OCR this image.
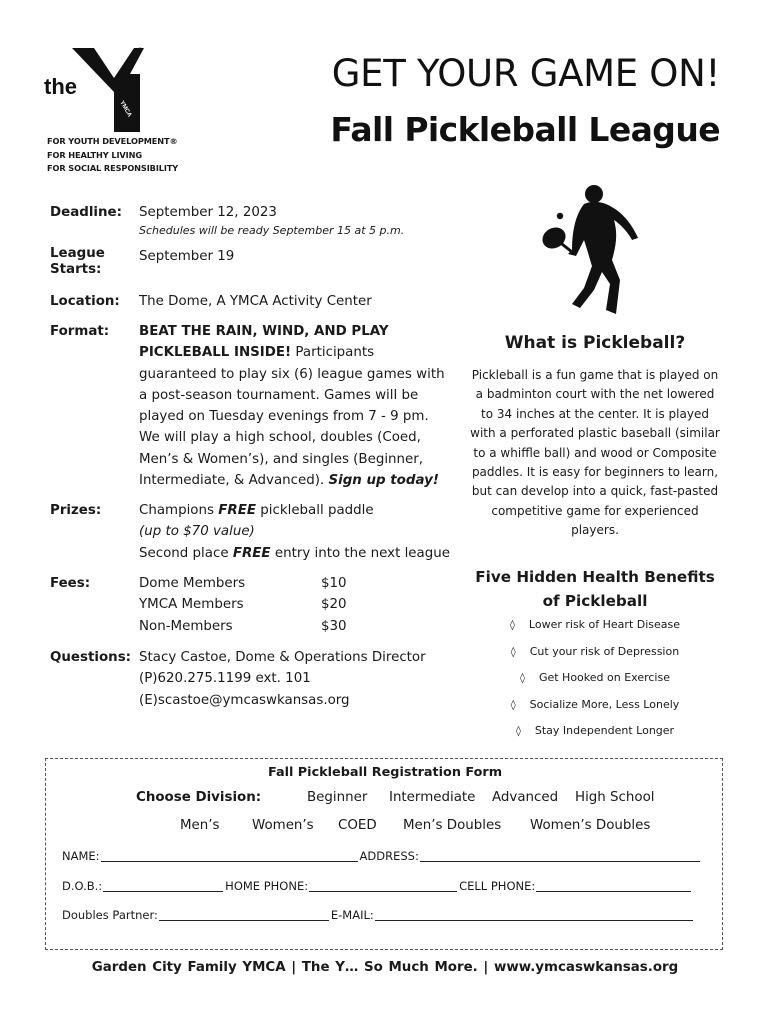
the
YMCA
FOR YOUTH DEVELOPMENT®
FOR HEALTHY LIVING
FOR SOCIAL RESPONSIBILITY
GET YOUR GAME ON!
Fall Pickleball League
Deadline:	September 12, 2023
Schedules will be ready September 15 at 5 p.m.
League
Starts:
September 19
Location:	The Dome, A YMCA Activity Center
Format:	BEAT THE RAIN, WIND, AND PLAY PICKLEBALL INSIDE! Participants guaranteed to play six (6) league games with a post-season tournament. Games will be played on Tuesday evenings from 7 - 9 pm. We will play a high school, doubles (Coed, Men’s & Women’s), and singles (Beginner, Intermediate, & Advanced). Sign up today!
Prizes:	Champions FREE pickleball paddle
(up to $70 value)
Second place FREE entry into the next league
Fees:	Dome Members	$10
YMCA Members	$20
Non-Members	$30
Questions: Stacy Castoe, Dome & Operations Director
(P)620.275.1199 ext. 101
(E)scastoe@ymcaswkansas.org
What is Pickleball?
Pickleball is a fun game that is played on a badminton court with the net lowered to 34 inches at the center. It is played with a perforated plastic baseball (similar to a whiffle ball) and wood or Composite paddles. It is easy for beginners to learn, but can develop into a quick, fast-pasted competitive game for experienced players.
Five Hidden Health Benefits
of Pickleball
◊ Lower risk of Heart Disease
◊ Cut your risk of Depression
◊ Get Hooked on Exercise
◊ Socialize More, Less Lonely
◊ Stay Independent Longer
Fall Pickleball Registration Form
Choose Division:	Beginner Intermediate Advanced High School
Men’s Women’s COED Men’s Doubles Women’s Doubles
NAME:	ADDRESS:
D.O.B.:	HOME PHONE:	CELL PHONE:
Doubles Partner:	E-MAIL:
Garden City Family YMCA | The Y… So Much More. | www.ymcaswkansas.org
